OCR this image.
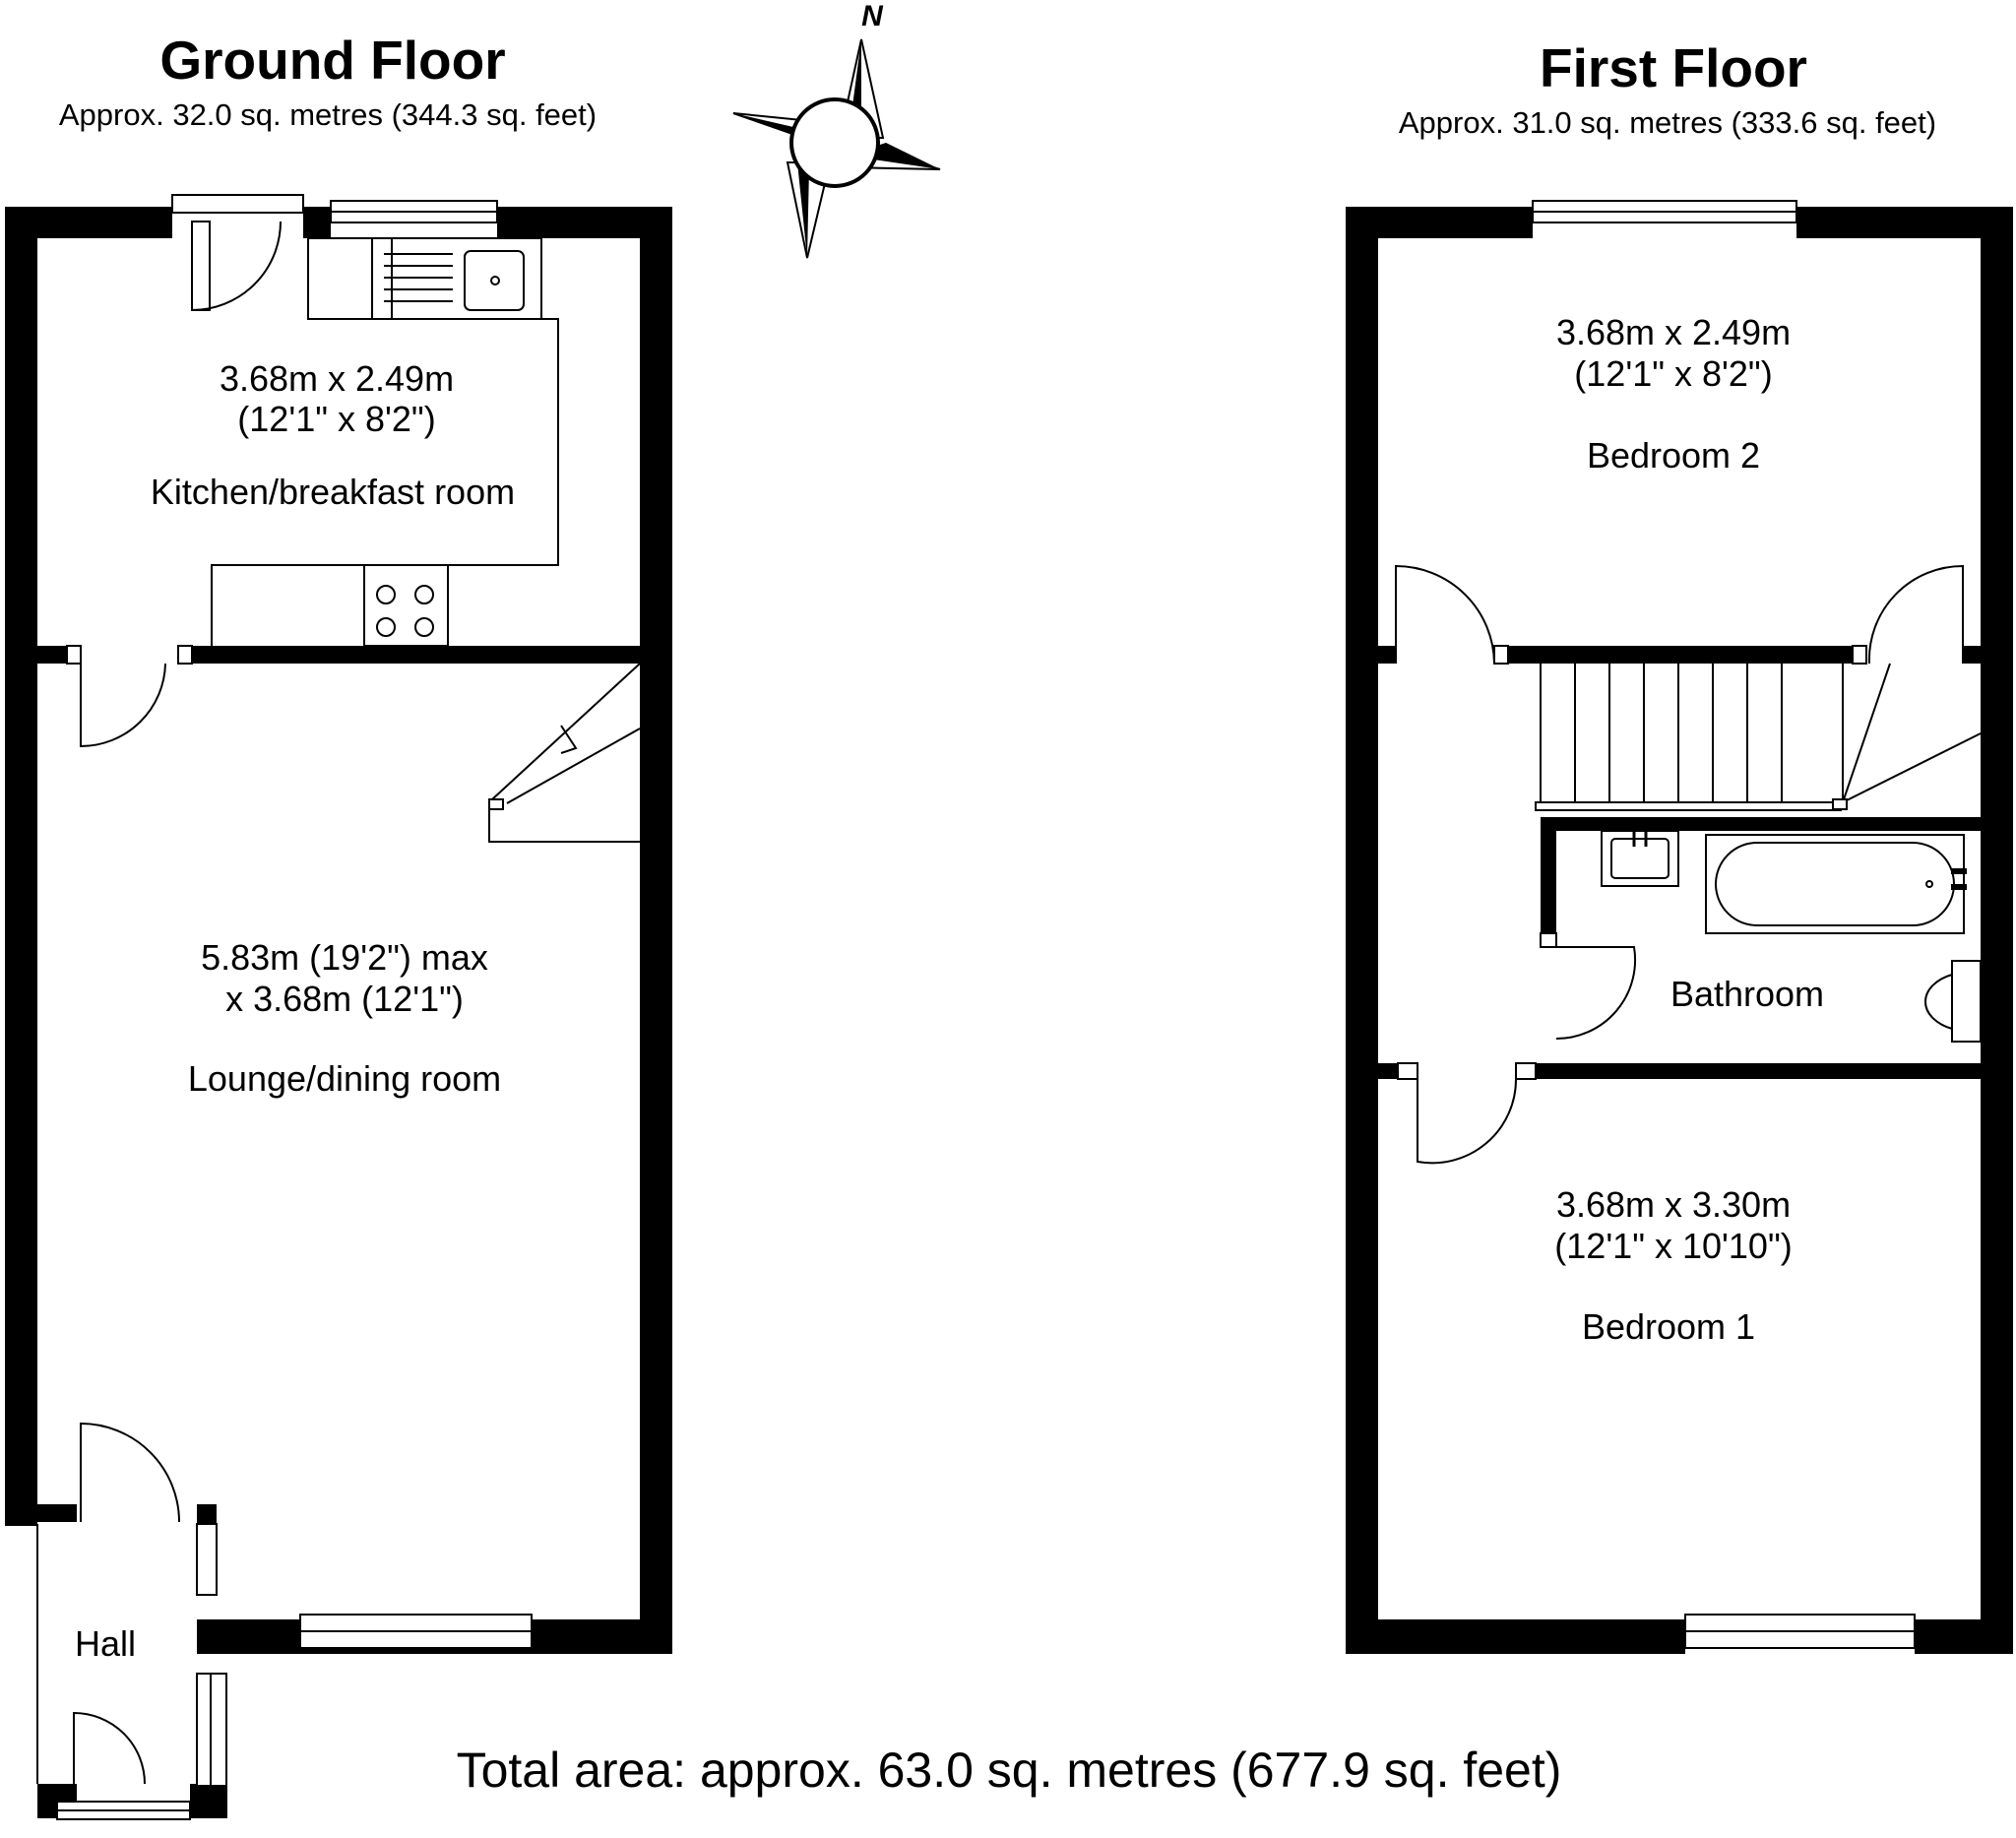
Ground Floor
Approx. 32.0 sq. metres (344.3 sq. feet)
First Floor
Approx. 31.0 sq. metres (333.6 sq. feet)
N
3.68m x 2.49m
(12'1" x 8'2")
Kitchen/breakfast room
5.83m (19'2") max
x 3.68m (12'1")
Lounge/dining room
Hall
3.68m x 2.49m
(12'1" x 8'2")
Bedroom 2
Bathroom
3.68m x 3.30m
(12'1" x 10'10")
Bedroom 1
Total area: approx. 63.0 sq. metres (677.9 sq. feet)
